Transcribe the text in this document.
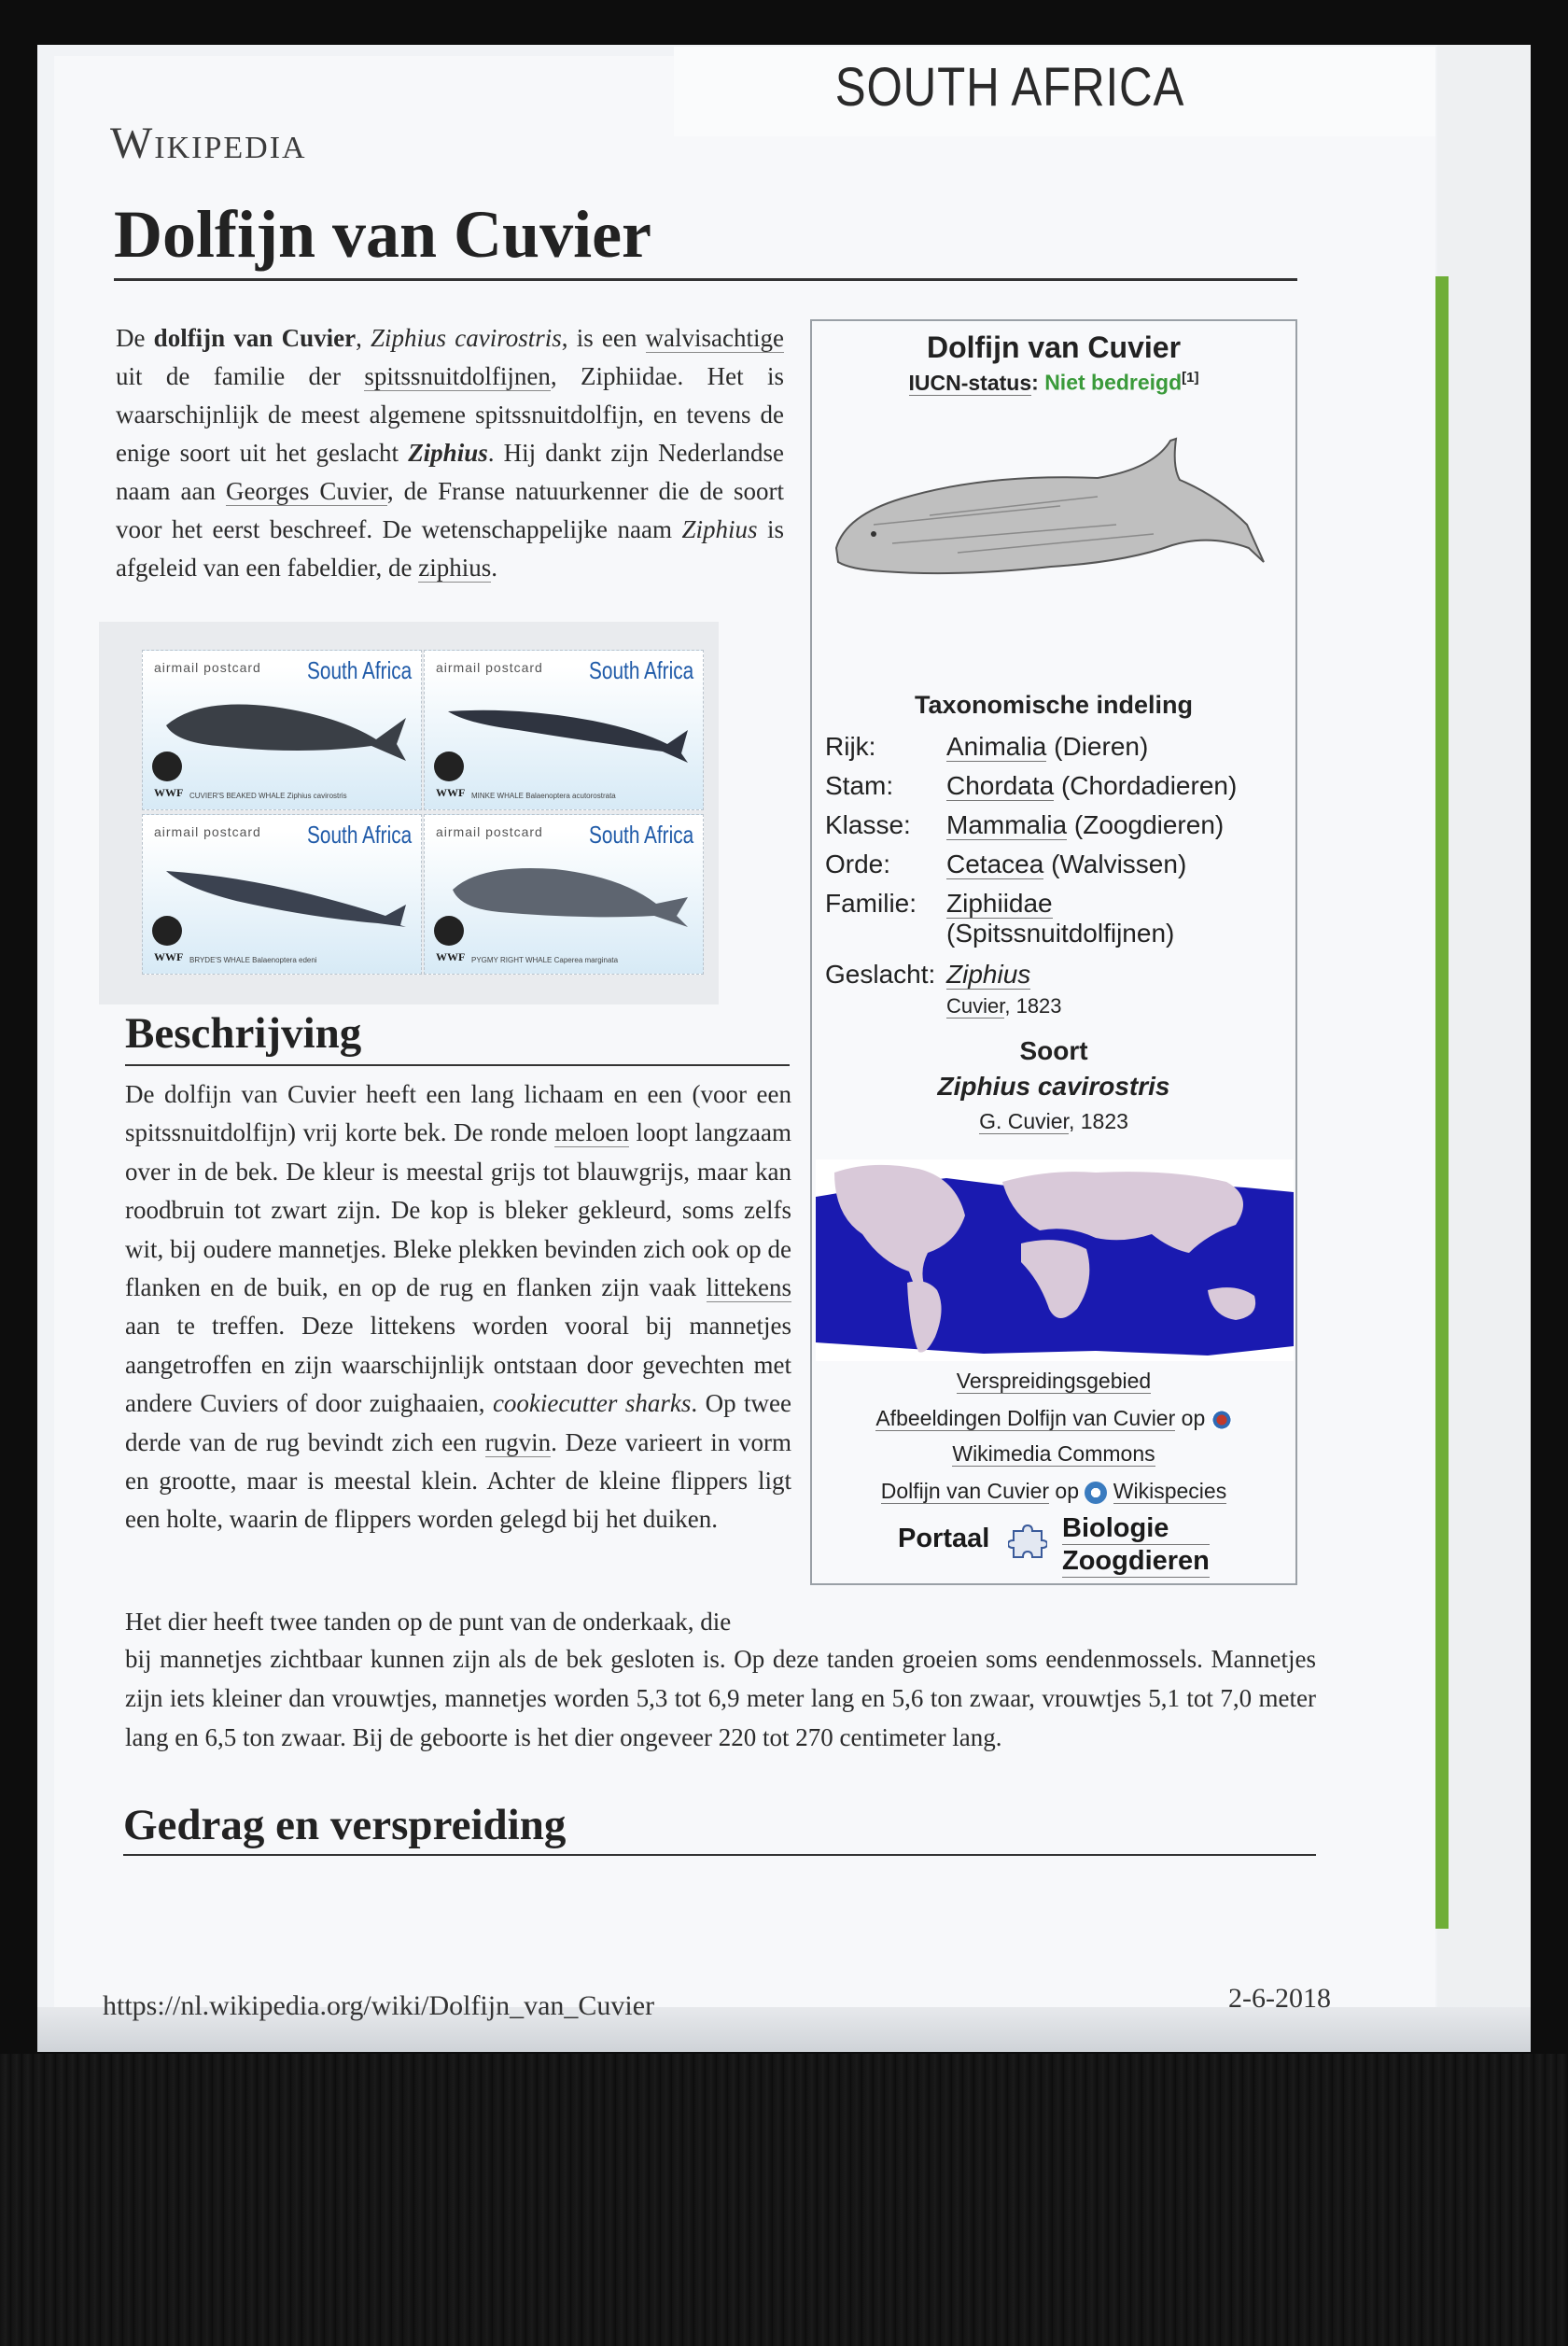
SOUTH AFRICA
Wikipedia
Dolfijn van Cuvier
De dolfijn van Cuvier, Ziphius cavirostris, is een walvisachtige uit de familie der spitssnuitdolfijnen, Ziphiidae. Het is waarschijnlijk de meest algemene spitssnuitdolfijn, en tevens de enige soort uit het geslacht Ziphius. Hij dankt zijn Nederlandse naam aan Georges Cuvier, de Franse natuurkenner die de soort voor het eerst beschreef. De wetenschappelijke naam Ziphius is afgeleid van een fabeldier, de ziphius.
airmail postcard South Africa
WWF CUVIER'S BEAKED WHALE Ziphius cavirostris
airmail postcard South Africa
WWF MINKE WHALE Balaenoptera acutorostrata
airmail postcard South Africa
WWF BRYDE'S WHALE Balaenoptera edeni
airmail postcard South Africa
WWF PYGMY RIGHT WHALE Caperea marginata
Beschrijving
De dolfijn van Cuvier heeft een lang lichaam en een (voor een spitssnuitdolfijn) vrij korte bek. De ronde meloen loopt langzaam over in de bek. De kleur is meestal grijs tot blauwgrijs, maar kan roodbruin tot zwart zijn. De kop is bleker gekleurd, soms zelfs wit, bij oudere mannetjes. Bleke plekken bevinden zich ook op de flanken en de buik, en op de rug en flanken zijn vaak littekens aan te treffen. Deze littekens worden vooral bij mannetjes aangetroffen en zijn waarschijnlijk ontstaan door gevechten met andere Cuviers of door zuighaaien, cookiecutter sharks. Op twee derde van de rug bevindt zich een rugvin. Deze varieert in vorm en grootte, maar is meestal klein. Achter de kleine flippers ligt een holte, waarin de flippers worden gelegd bij het duiken.
Het dier heeft twee tanden op de punt van de onderkaak, die
bij mannetjes zichtbaar kunnen zijn als de bek gesloten is. Op deze tanden groeien soms eendenmossels. Mannetjes zijn iets kleiner dan vrouwtjes, mannetjes worden 5,3 tot 6,9 meter lang en 5,6 ton zwaar, vrouwtjes 5,1 tot 7,0 meter lang en 6,5 ton zwaar. Bij de geboorte is het dier ongeveer 220 tot 270 centimeter lang.
Gedrag en verspreiding
https://nl.wikipedia.org/wiki/Dolfijn_van_Cuvier	2-6-2018
Dolfijn van Cuvier
IUCN-status: Niet bedreigd[1]
Taxonomische indeling
Rijk:	Animalia (Dieren)
Stam: Chordata (Chordadieren)
Klasse: Mammalia (Zoogdieren)
Orde: Cetacea (Walvissen)
Familie: Ziphiidae
(Spitssnuitdolfijnen)
Geslacht: Ziphius
Cuvier, 1823
Soort
Ziphius cavirostris
G. Cuvier, 1823
Verspreidingsgebied
Afbeeldingen Dolfijn van Cuvier op
Wikimedia Commons
Dolfijn van Cuvier op  Wikispecies
Portaal	Biologie
Zoogdieren
